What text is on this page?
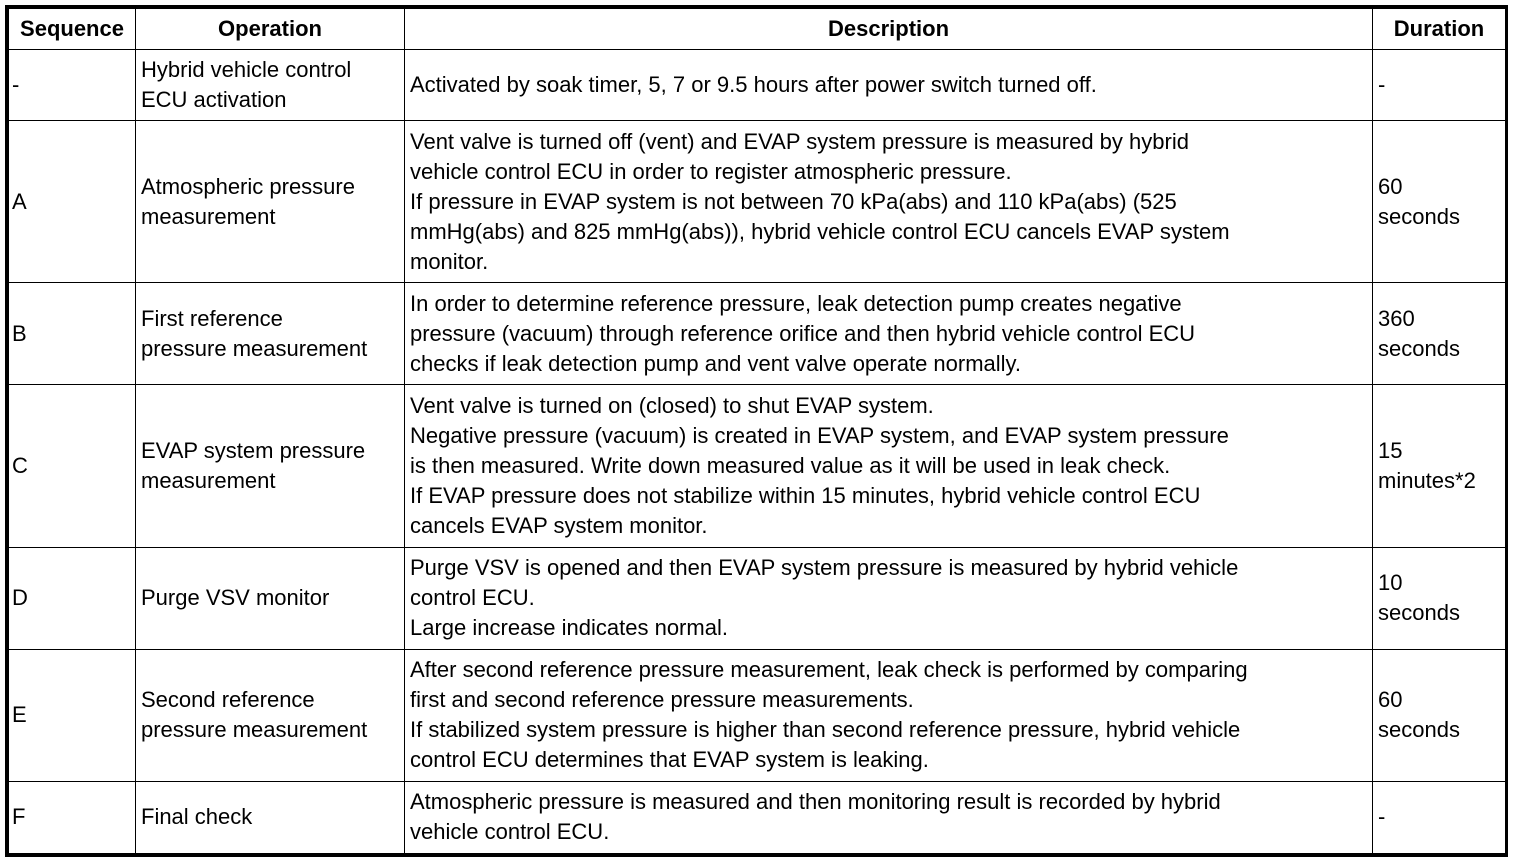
Sequence	Operation	Description	Duration
-	Hybrid vehicle control
ECU activation	Activated by soak timer, 5, 7 or 9.5 hours after power switch turned off.	-

A	Atmospheric pressure
measurement	Vent valve is turned off (vent) and EVAP system pressure is measured by hybrid
vehicle control ECU in order to register atmospheric pressure.
If pressure in EVAP system is not between 70 kPa(abs) and 110 kPa(abs) (525
mmHg(abs) and 825 mmHg(abs)), hybrid vehicle control ECU cancels EVAP system
monitor.	60
seconds

B	First reference
pressure measurement	In order to determine reference pressure, leak detection pump creates negative
pressure (vacuum) through reference orifice and then hybrid vehicle control ECU
checks if leak detection pump and vent valve operate normally.	360
seconds

C	EVAP system pressure
measurement	Vent valve is turned on (closed) to shut EVAP system.
Negative pressure (vacuum) is created in EVAP system, and EVAP system pressure
is then measured. Write down measured value as it will be used in leak check.
If EVAP pressure does not stabilize within 15 minutes, hybrid vehicle control ECU
cancels EVAP system monitor.	15
minutes*2

D	Purge VSV monitor	Purge VSV is opened and then EVAP system pressure is measured by hybrid vehicle
control ECU.
Large increase indicates normal.	10
seconds

E	Second reference
pressure measurement	After second reference pressure measurement, leak check is performed by comparing
first and second reference pressure measurements.
If stabilized system pressure is higher than second reference pressure, hybrid vehicle
control ECU determines that EVAP system is leaking.	60
seconds

F	Final check	Atmospheric pressure is measured and then monitoring result is recorded by hybrid
vehicle control ECU.	-
